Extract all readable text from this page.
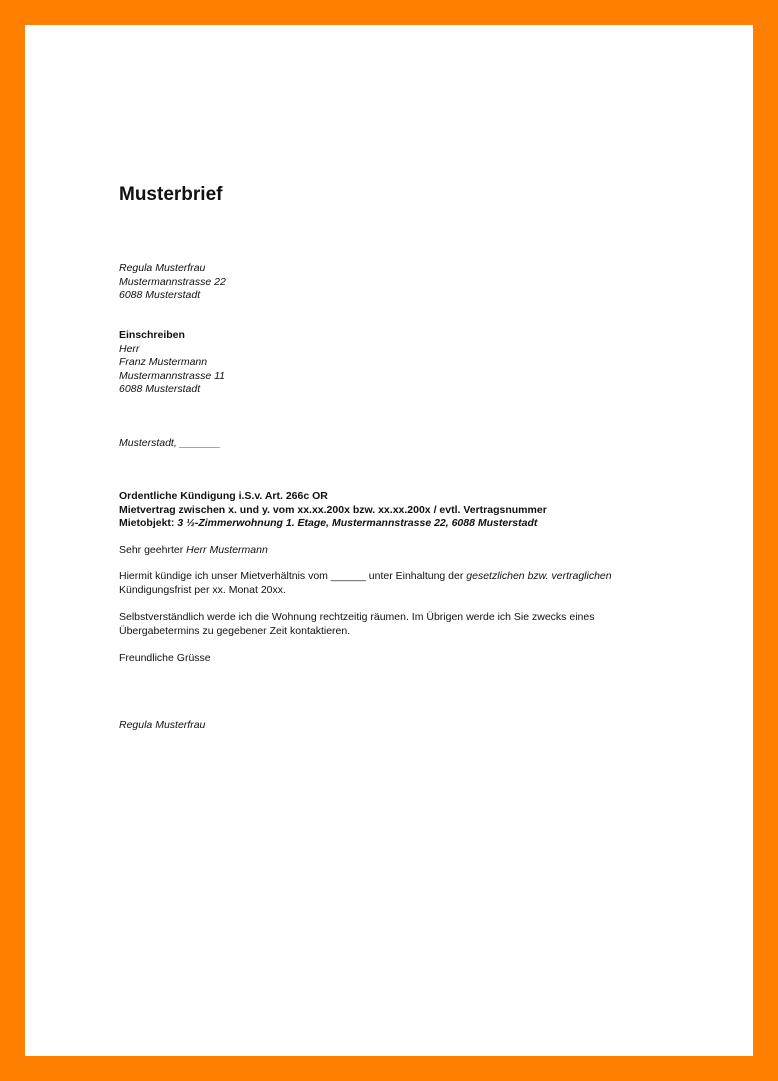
Musterbrief
Regula Musterfrau
Mustermannstrasse 22
6088 Musterstadt
Einschreiben
Herr
Franz Mustermann
Mustermannstrasse 11
6088 Musterstadt
Musterstadt, _______
Ordentliche Kündigung i.S.v. Art. 266c OR
Mietvertrag zwischen x. und y. vom xx.xx.200x bzw. xx.xx.200x / evtl. Vertragsnummer
Mietobjekt: 3 ½-Zimmerwohnung 1. Etage, Mustermannstrasse 22, 6088 Musterstadt
Sehr geehrter Herr Mustermann
Hiermit kündige ich unser Mietverhältnis vom ______ unter Einhaltung der gesetzlichen bzw. vertraglichen
Kündigungsfrist per xx. Monat 20xx.
Selbstverständlich werde ich die Wohnung rechtzeitig räumen. Im Übrigen werde ich Sie zwecks eines
Übergabetermins zu gegebener Zeit kontaktieren.
Freundliche Grüsse
Regula Musterfrau
